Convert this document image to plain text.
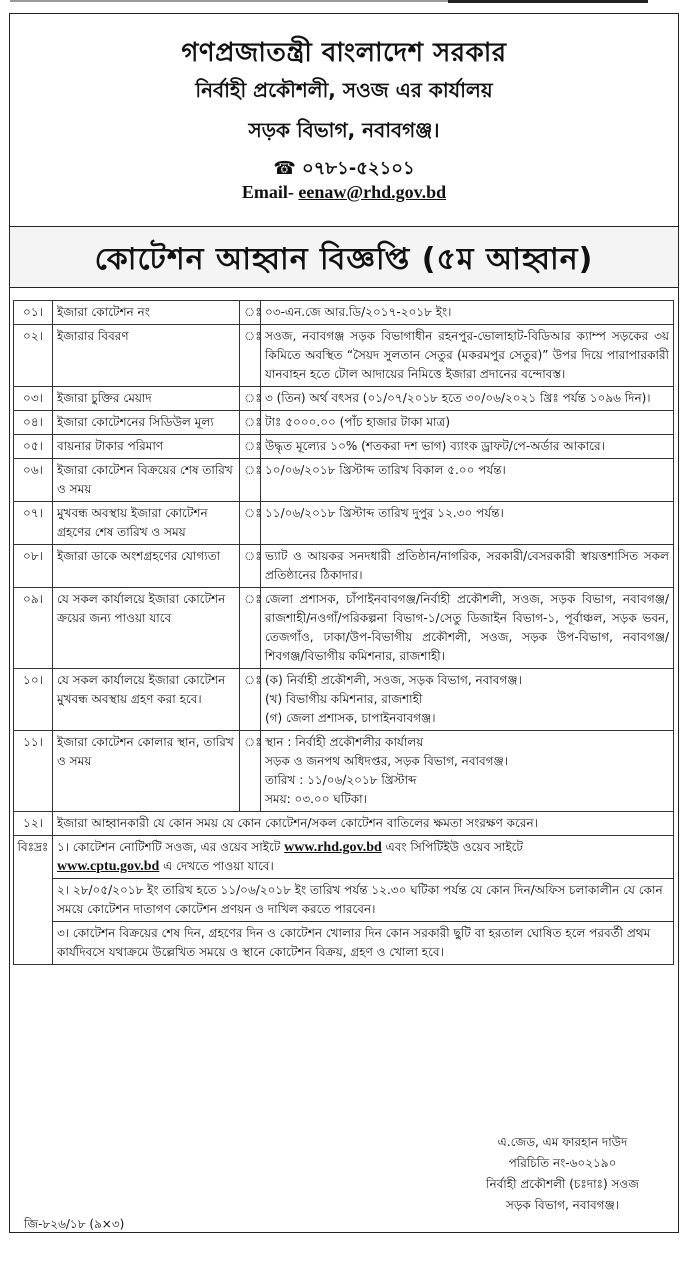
গণপ্রজাতন্ত্রী বাংলাদেশ সরকার
নির্বাহী প্রকৌশলী, সওজ এর কার্যালয়
সড়ক বিভাগ, নবাবগঞ্জ।
☎ ০৭৮১-৫২১০১
Email- eenaw@rhd.gov.bd
কোটেশন আহ্বান বিজ্ঞপ্তি (৫ম আহ্বান)
০১।	ইজারা কোটেশন নং	ঃ	০৩-এন.জে আর.ডি/২০১৭-২০১৮ ইং।
০২।	ইজারার বিবরণ	ঃ	সওজ, নবাবগঞ্জ সড়ক বিভাগাধীন রহনপুর-ভোলাহাট-বিডিআর ক্যাম্প সড়কের ৩য় কিমিতে অবস্থিত “সৈয়দ সুলতান সেতুর (মকরমপুর সেতুর)” উপর দিয়ে পারাপারকারী যানবাহন হতে টোল আদায়ের নিমিত্তে ইজারা প্রদানের বন্দোবস্ত।
০৩।	ইজারা চুক্তির মেয়াদ	ঃ	৩ (তিন) অর্থ বৎসর (০১/০৭/২০১৮ হতে ৩০/০৬/২০২১ খ্রিঃ পর্যন্ত ১০৯৬ দিন)।
০৪।	ইজারা কোটেশনের সিডিউল মূল্য	ঃ	টাঃ ৫০০০.০০ (পাঁচ হাজার টাকা মাত্র)
০৫।	বায়নার টাকার পরিমাণ	ঃ	উদ্ধৃত মূল্যের ১০% (শতকরা দশ ভাগ) ব্যাংক ড্রাফট/পে-অর্ডার আকারে।
০৬।	ইজারা কোটেশন বিক্রয়ের শেষ তারিখ ও সময়	ঃ	১০/০৬/২০১৮ খ্রিস্টাব্দ তারিখ বিকাল ৫.০০ পর্যন্ত।
০৭।	মুখবন্ধ অবস্থায় ইজারা কোটেশন গ্রহণের শেষ তারিখ ও সময়	ঃ	১১/০৬/২০১৮ খ্রিস্টাব্দ তারিখ দুপুর ১২.৩০ পর্যন্ত।
০৮।	ইজারা ডাকে অংশগ্রহণের যোগ্যতা	ঃ	ভ্যাট ও আয়কর সনদধারী প্রতিষ্ঠান/নাগরিক, সরকারী/বেসরকারী স্বায়ত্তশাসিত সকল প্রতিষ্ঠানের ঠিকাদার।
০৯।	যে সকল কার্যালয়ে ইজারা কোটেশন ক্রয়ের জন্য পাওয়া যাবে	ঃ	জেলা প্রশাসক, চাঁপাইনবাবগঞ্জ/নির্বাহী প্রকৌশলী, সওজ, সড়ক বিভাগ, নবাবগঞ্জ/রাজশাহী/নওগাঁ/পরিকল্পনা বিভাগ-১/সেতু ডিজাইন বিভাগ-১, পূর্বাঞ্চল, সড়ক ভবন, তেজগাঁও, ঢাকা/উপ-বিভাগীয় প্রকৌশলী, সওজ, সড়ক উপ-বিভাগ, নবাবগঞ্জ/শিবগঞ্জ/বিভাগীয় কমিশনার, রাজশাহী।
১০।	যে সকল কার্যালয়ে ইজারা কোটেশন মুখবন্ধ অবস্থায় গ্রহণ করা হবে।	ঃ	(ক) নির্বাহী প্রকৌশলী, সওজ, সড়ক বিভাগ, নবাবগঞ্জ।
(খ) বিভাগীয় কমিশনার, রাজশাহী
(গ) জেলা প্রশাসক, চাপাইনবাবগঞ্জ।

১১।	ইজারা কোটেশন কোলার স্থান, তারিখ ও সময়	ঃ	স্থান : নির্বাহী প্রকৌশলীর কার্যালয়
সড়ক ও জনপথ অধিদপ্তর, সড়ক বিভাগ, নবাবগঞ্জ।
তারিখ : ১১/০৬/২০১৮ খ্রিস্টাব্দ
সময়: ০৩.০০ ঘটিকা।

১২।	ইজারা আহ্বানকারী যে কোন সময় যে কোন কোটেশন/সকল কোটেশন বাতিলের ক্ষমতা সংরক্ষণ করেন।		
বিঃদ্রঃ	১। কোটেশন নোটিশটি সওজ, এর ওয়েব সাইটে www.rhd.gov.bd এবং সিপিটিইউ ওয়েব সাইটে
www.cptu.gov.bd এ দেখতে পাওয়া যাবে।		
	২। ২৮/০৫/২০১৮ ইং তারিখ হতে ১১/০৬/২০১৮ ইং তারিখ পর্যন্ত ১২.৩০ ঘটিকা পর্যন্ত যে কোন দিন/অফিস চলাকালীন যে কোন সময়ে কোটেশন দাতাগণ কোটেশন প্রণয়ন ও দাখিল করতে পারবেন।		
	৩। কোটেশন বিক্রয়ের শেষ দিন, গ্রহণের দিন ও কোটেশন খোলার দিন কোন সরকারী ছুটি বা হরতাল ঘোষিত হলে পরবর্তী প্রথম কার্যদিবসে যথাক্রমে উল্লেখিত সময়ে ও স্থানে কোটেশন বিক্রয়, গ্রহণ ও খোলা হবে।		
এ.জেড, এম ফারহান দাউদ
পরিচিতি নং-৬০২১৯০
নির্বাহী প্রকৌশলী (চঃদাঃ) সওজ
সড়ক বিভাগ, নবাবগঞ্জ।
জি-৮২৬/১৮ (৯×৩)
